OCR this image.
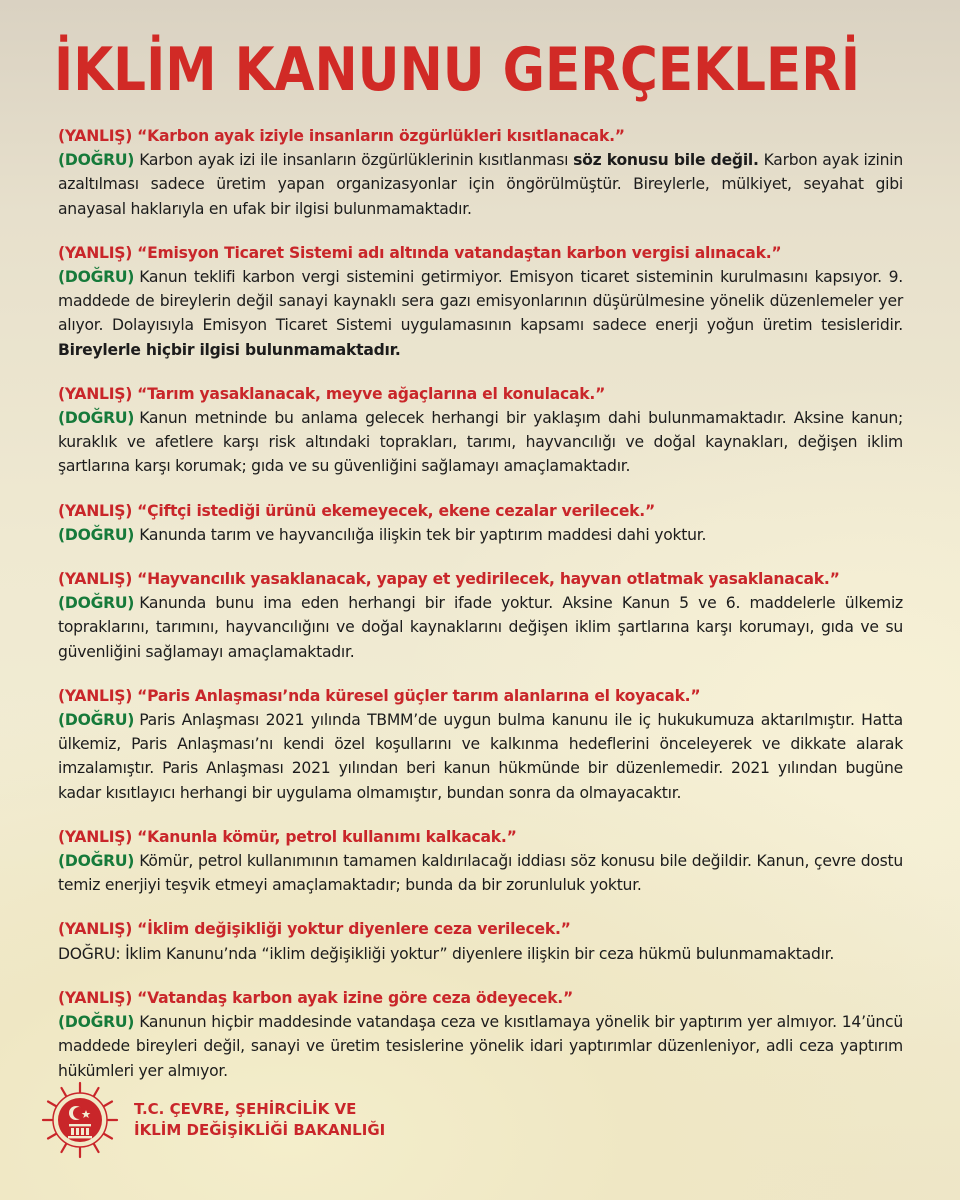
İKLİM KANUNU GERÇEKLERİ
(YANLIŞ) “Karbon ayak iziyle insanların özgürlükleri kısıtlanacak.”
(DOĞRU) Karbon ayak izi ile insanların özgürlüklerinin kısıtlanması söz konusu bile değil. Karbon ayak izinin azaltılması sadece üretim yapan organizasyonlar için öngörülmüştür. Bireylerle, mülkiyet, seyahat gibi anayasal haklarıyla en ufak bir ilgisi bulunmamaktadır.
(YANLIŞ) “Emisyon Ticaret Sistemi adı altında vatandaştan karbon vergisi alınacak.”
(DOĞRU) Kanun teklifi karbon vergi sistemini getirmiyor. Emisyon ticaret sisteminin kurulmasını kapsıyor. 9. maddede de bireylerin değil sanayi kaynaklı sera gazı emisyonlarının düşürülmesine yönelik düzenlemeler yer alıyor. Dolayısıyla Emisyon Ticaret Sistemi uygulamasının kapsamı sadece enerji yoğun üretim tesisleridir. Bireylerle hiçbir ilgisi bulunmamaktadır.
(YANLIŞ) “Tarım yasaklanacak, meyve ağaçlarına el konulacak.”
(DOĞRU) Kanun metninde bu anlama gelecek herhangi bir yaklaşım dahi bulunmamaktadır. Aksine kanun; kuraklık ve afetlere karşı risk altındaki toprakları, tarımı, hayvancılığı ve doğal kaynakları, değişen iklim şartlarına karşı korumak; gıda ve su güvenliğini sağlamayı amaçlamaktadır.
(YANLIŞ) “Çiftçi istediği ürünü ekemeyecek, ekene cezalar verilecek.”
(DOĞRU) Kanunda tarım ve hayvancılığa ilişkin tek bir yaptırım maddesi dahi yoktur.
(YANLIŞ) “Hayvancılık yasaklanacak, yapay et yedirilecek, hayvan otlatmak yasaklanacak.”
(DOĞRU) Kanunda bunu ima eden herhangi bir ifade yoktur. Aksine Kanun 5 ve 6. maddelerle ülkemiz topraklarını, tarımını, hayvancılığını ve doğal kaynaklarını değişen iklim şartlarına karşı korumayı, gıda ve su güvenliğini sağlamayı amaçlamaktadır.
(YANLIŞ) “Paris Anlaşması’nda küresel güçler tarım alanlarına el koyacak.”
(DOĞRU) Paris Anlaşması 2021 yılında TBMM’de uygun bulma kanunu ile iç hukukumuza aktarılmıştır. Hatta ülkemiz, Paris Anlaşması’nı kendi özel koşullarını ve kalkınma hedeflerini önceleyerek ve dikkate alarak imzalamıştır. Paris Anlaşması 2021 yılından beri kanun hükmünde bir düzenlemedir. 2021 yılından bugüne kadar kısıtlayıcı herhangi bir uygulama olmamıştır, bundan sonra da olmayacaktır.
(YANLIŞ) “Kanunla kömür, petrol kullanımı kalkacak.”
(DOĞRU) Kömür, petrol kullanımının tamamen kaldırılacağı iddiası söz konusu bile değildir. Kanun, çevre dostu temiz enerjiyi teşvik etmeyi amaçlamaktadır; bunda da bir zorunluluk yoktur.
(YANLIŞ) “İklim değişikliği yoktur diyenlere ceza verilecek.”
DOĞRU: İklim Kanunu’nda “iklim değişikliği yoktur” diyenlere ilişkin bir ceza hükmü bulunmamaktadır.
(YANLIŞ) “Vatandaş karbon ayak izine göre ceza ödeyecek.”
(DOĞRU) Kanunun hiçbir maddesinde vatandaşa ceza ve kısıtlamaya yönelik bir yaptırım yer almıyor. 14’üncü maddede bireyleri değil, sanayi ve üretim tesislerine yönelik idari yaptırımlar düzenleniyor, adli ceza yaptırım hükümleri yer almıyor.
T.C. ÇEVRE, ŞEHİRCİLİK VE
İKLİM DEĞİŞİKLİĞİ BAKANLIĞI
